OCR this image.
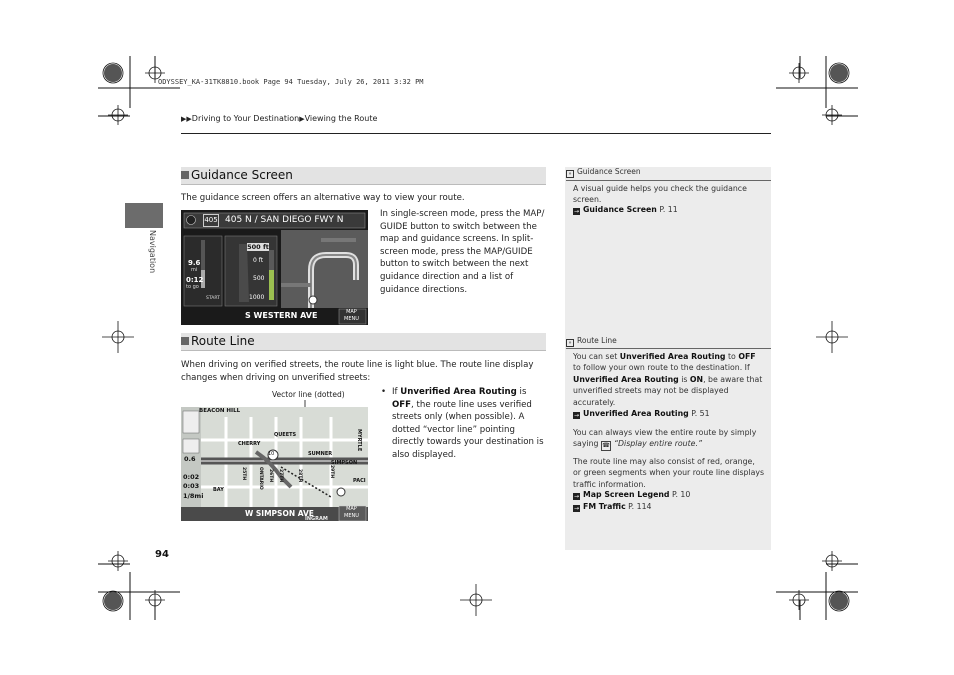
ODYSSEY_KA-31TK8810.book Page 94 Tuesday, July 26, 2011 3:32 PM
▶▶Driving to Your Destination▶Viewing the Route
Navigation
Guidance Screen
The guidance screen offers an alternative way to view your route.
405 405 N / SAN DIEGO FWY N
9.6
mi
0:12
to go
START
500 ft
0 ft
500
1000
S WESTERN AVE	MAP
MENU
In single-screen mode, press the MAP/ GUIDE button to switch between the map and guidance screens. In split-screen mode, press the MAP/GUIDE button to switch between the next guidance direction and a list of guidance directions.
Route Line
When driving on verified streets, the route line is light blue. The route line display changes when driving on unverified streets:
Vector line (dotted)
BEACON HILL
CHERRY
QUEETS
SUMNER
SIMPSON
MYRTLE
BAY
PACI
W SIMPSON AVE
INGRAM
ONTARIO
25TH	26TH 27TH	28TH	29TH
10
0.6
0:02
0:03
1/8mi
MAP
MENU
• If Unverified Area Routing is OFF, the route line uses verified streets only (when possible). A dotted “vector line” pointing directly towards your destination is also displayed.
» Guidance Screen
A visual guide helps you check the guidance screen.
→ Guidance Screen P. 11
» Route Line
You can set Unverified Area Routing to OFF to follow your own route to the destination. If Unverified Area Routing is ON, be aware that unverified streets may not be displayed accurately.
→ Unverified Area Routing P. 51
You can always view the entire route by simply saying ☎ “Display entire route.”
The route line may also consist of red, orange, or green segments when your route line displays traffic information.
→ Map Screen Legend P. 10
→ FM Traffic P. 114
94
